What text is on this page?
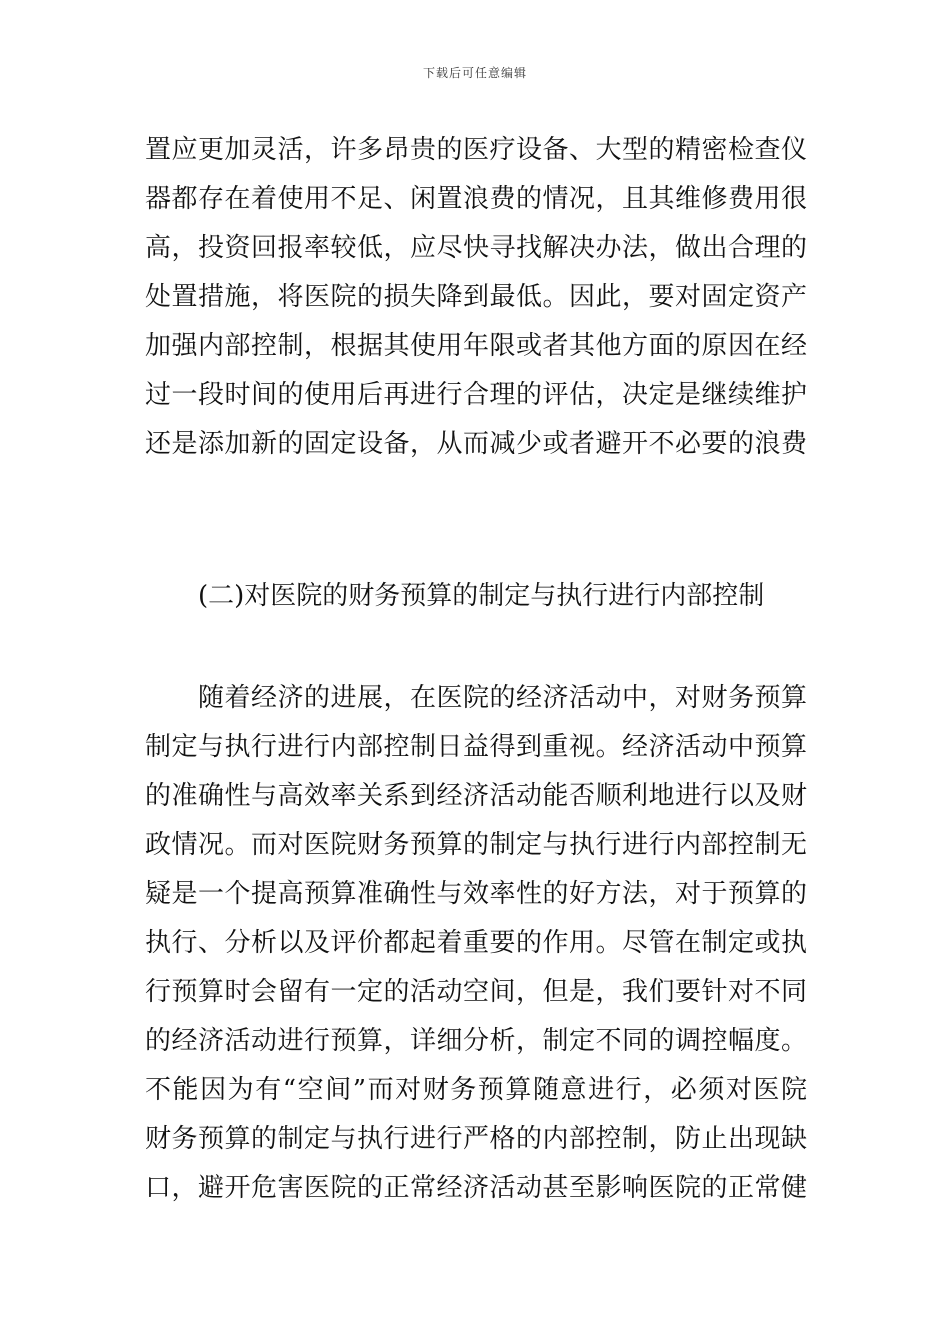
下载后可任意编辑
置应更加灵活，许多昂贵的医疗设备、大型的精密检查仪
器都存在着使用不足、闲置浪费的情况，且其维修费用很
高，投资回报率较低，应尽快寻找解决办法，做出合理的
处置措施，将医院的损失降到最低。因此，要对固定资产
加强内部控制，根据其使用年限或者其他方面的原因在经
过一段时间的使用后再进行合理的评估，决定是继续维护
还是添加新的固定设备，从而减少或者避开不必要的浪费
(二)对医院的财务预算的制定与执行进行内部控制
　　随着经济的进展，在医院的经济活动中，对财务预算
制定与执行进行内部控制日益得到重视。经济活动中预算
的准确性与高效率关系到经济活动能否顺利地进行以及财
政情况。而对医院财务预算的制定与执行进行内部控制无
疑是一个提高预算准确性与效率性的好方法，对于预算的
执行、分析以及评价都起着重要的作用。尽管在制定或执
行预算时会留有一定的活动空间，但是，我们要针对不同
的经济活动进行预算，详细分析，制定不同的调控幅度。
不能因为有“空间”而对财务预算随意进行，必须对医院
财务预算的制定与执行进行严格的内部控制，防止出现缺
口，避开危害医院的正常经济活动甚至影响医院的正常健
